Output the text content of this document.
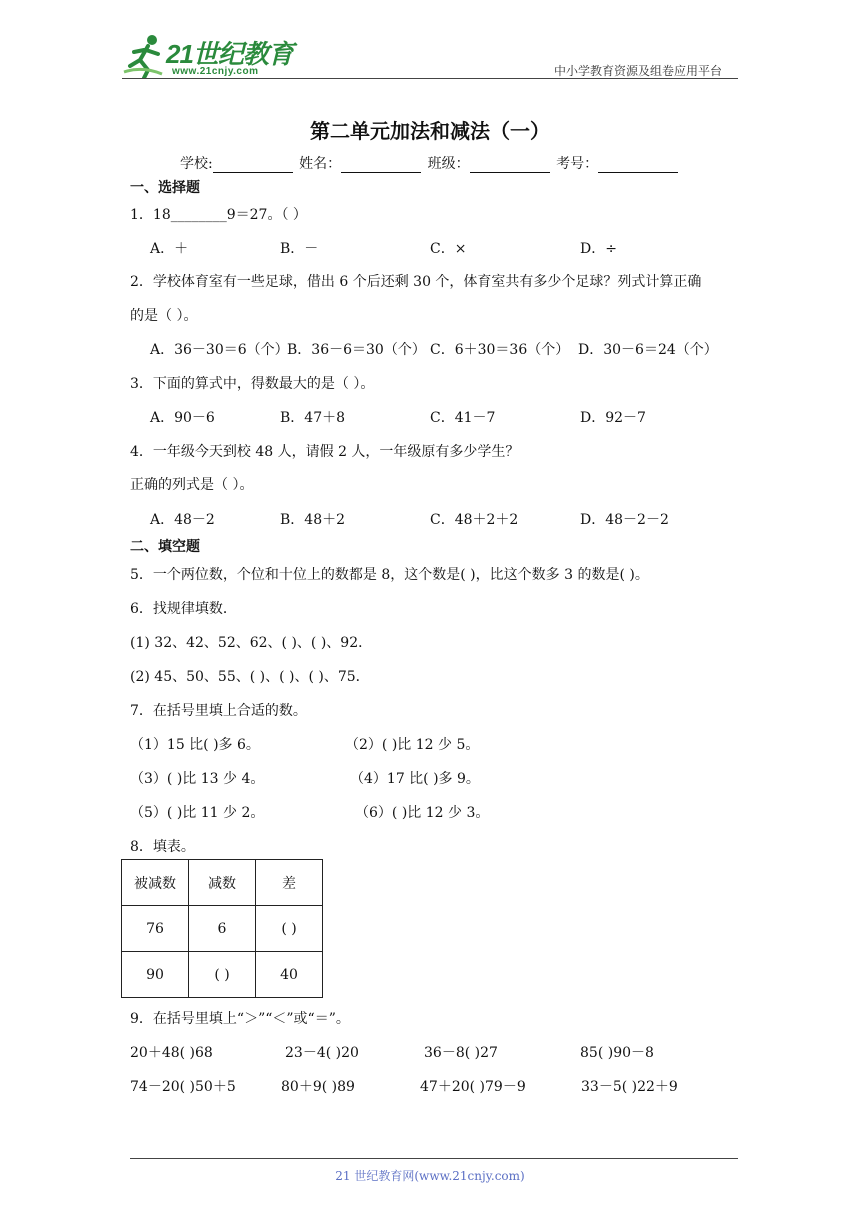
21世纪教育
www.21cnjy.com	中小学教育资源及组卷应用平台
第二单元加法和减法（一）
学校:	姓名：	班级：	考号：
一、选择题
1．18________9＝27。（ ）
A．＋	B．－	C．×	D．÷
2．学校体育室有一些足球，借出 6 个后还剩 30 个，体育室共有多少个足球？列式计算正确
的是（ ）。
A．36－30＝6（个）
B．36－6＝30（个） C．6＋30＝36（个） D．30－6＝24（个）
3．下面的算式中，得数最大的是（ ）。
A．90－6	B．47＋8	C．41－7	D．92－7
4．一年级今天到校 48 人，请假 2 人，一年级原有多少学生？
正确的列式是（ ）。
A．48－2	B．48＋2	C．48＋2＋2	D．48－2－2
二、填空题
5．一个两位数，个位和十位上的数都是 8，这个数是( )，比这个数多 3 的数是( )。
6．找规律填数．
(1) 32、42、52、62、( )、( )、92．
(2) 45、50、55、( )、( )、( )、75．
7．在括号里填上合适的数。
（1）15 比( )多 6。	（2）( )比 12 少 5。
（3）( )比 13 少 4。	（4）17 比( )多 9。
（5）( )比 11 少 2。	（6）( )比 12 少 3。
8．填表。
被减数	减数	差
76	6	( )
90	( )	40
9．在括号里填上“＞”“＜”或“＝”。
20＋48( )68	23－4( )20	36－8( )27	85( )90－8
74－20( )50＋5	80＋9( )89	47＋20( )79－9	33－5( )22＋9
21 世纪教育网(www.21cnjy.com)
